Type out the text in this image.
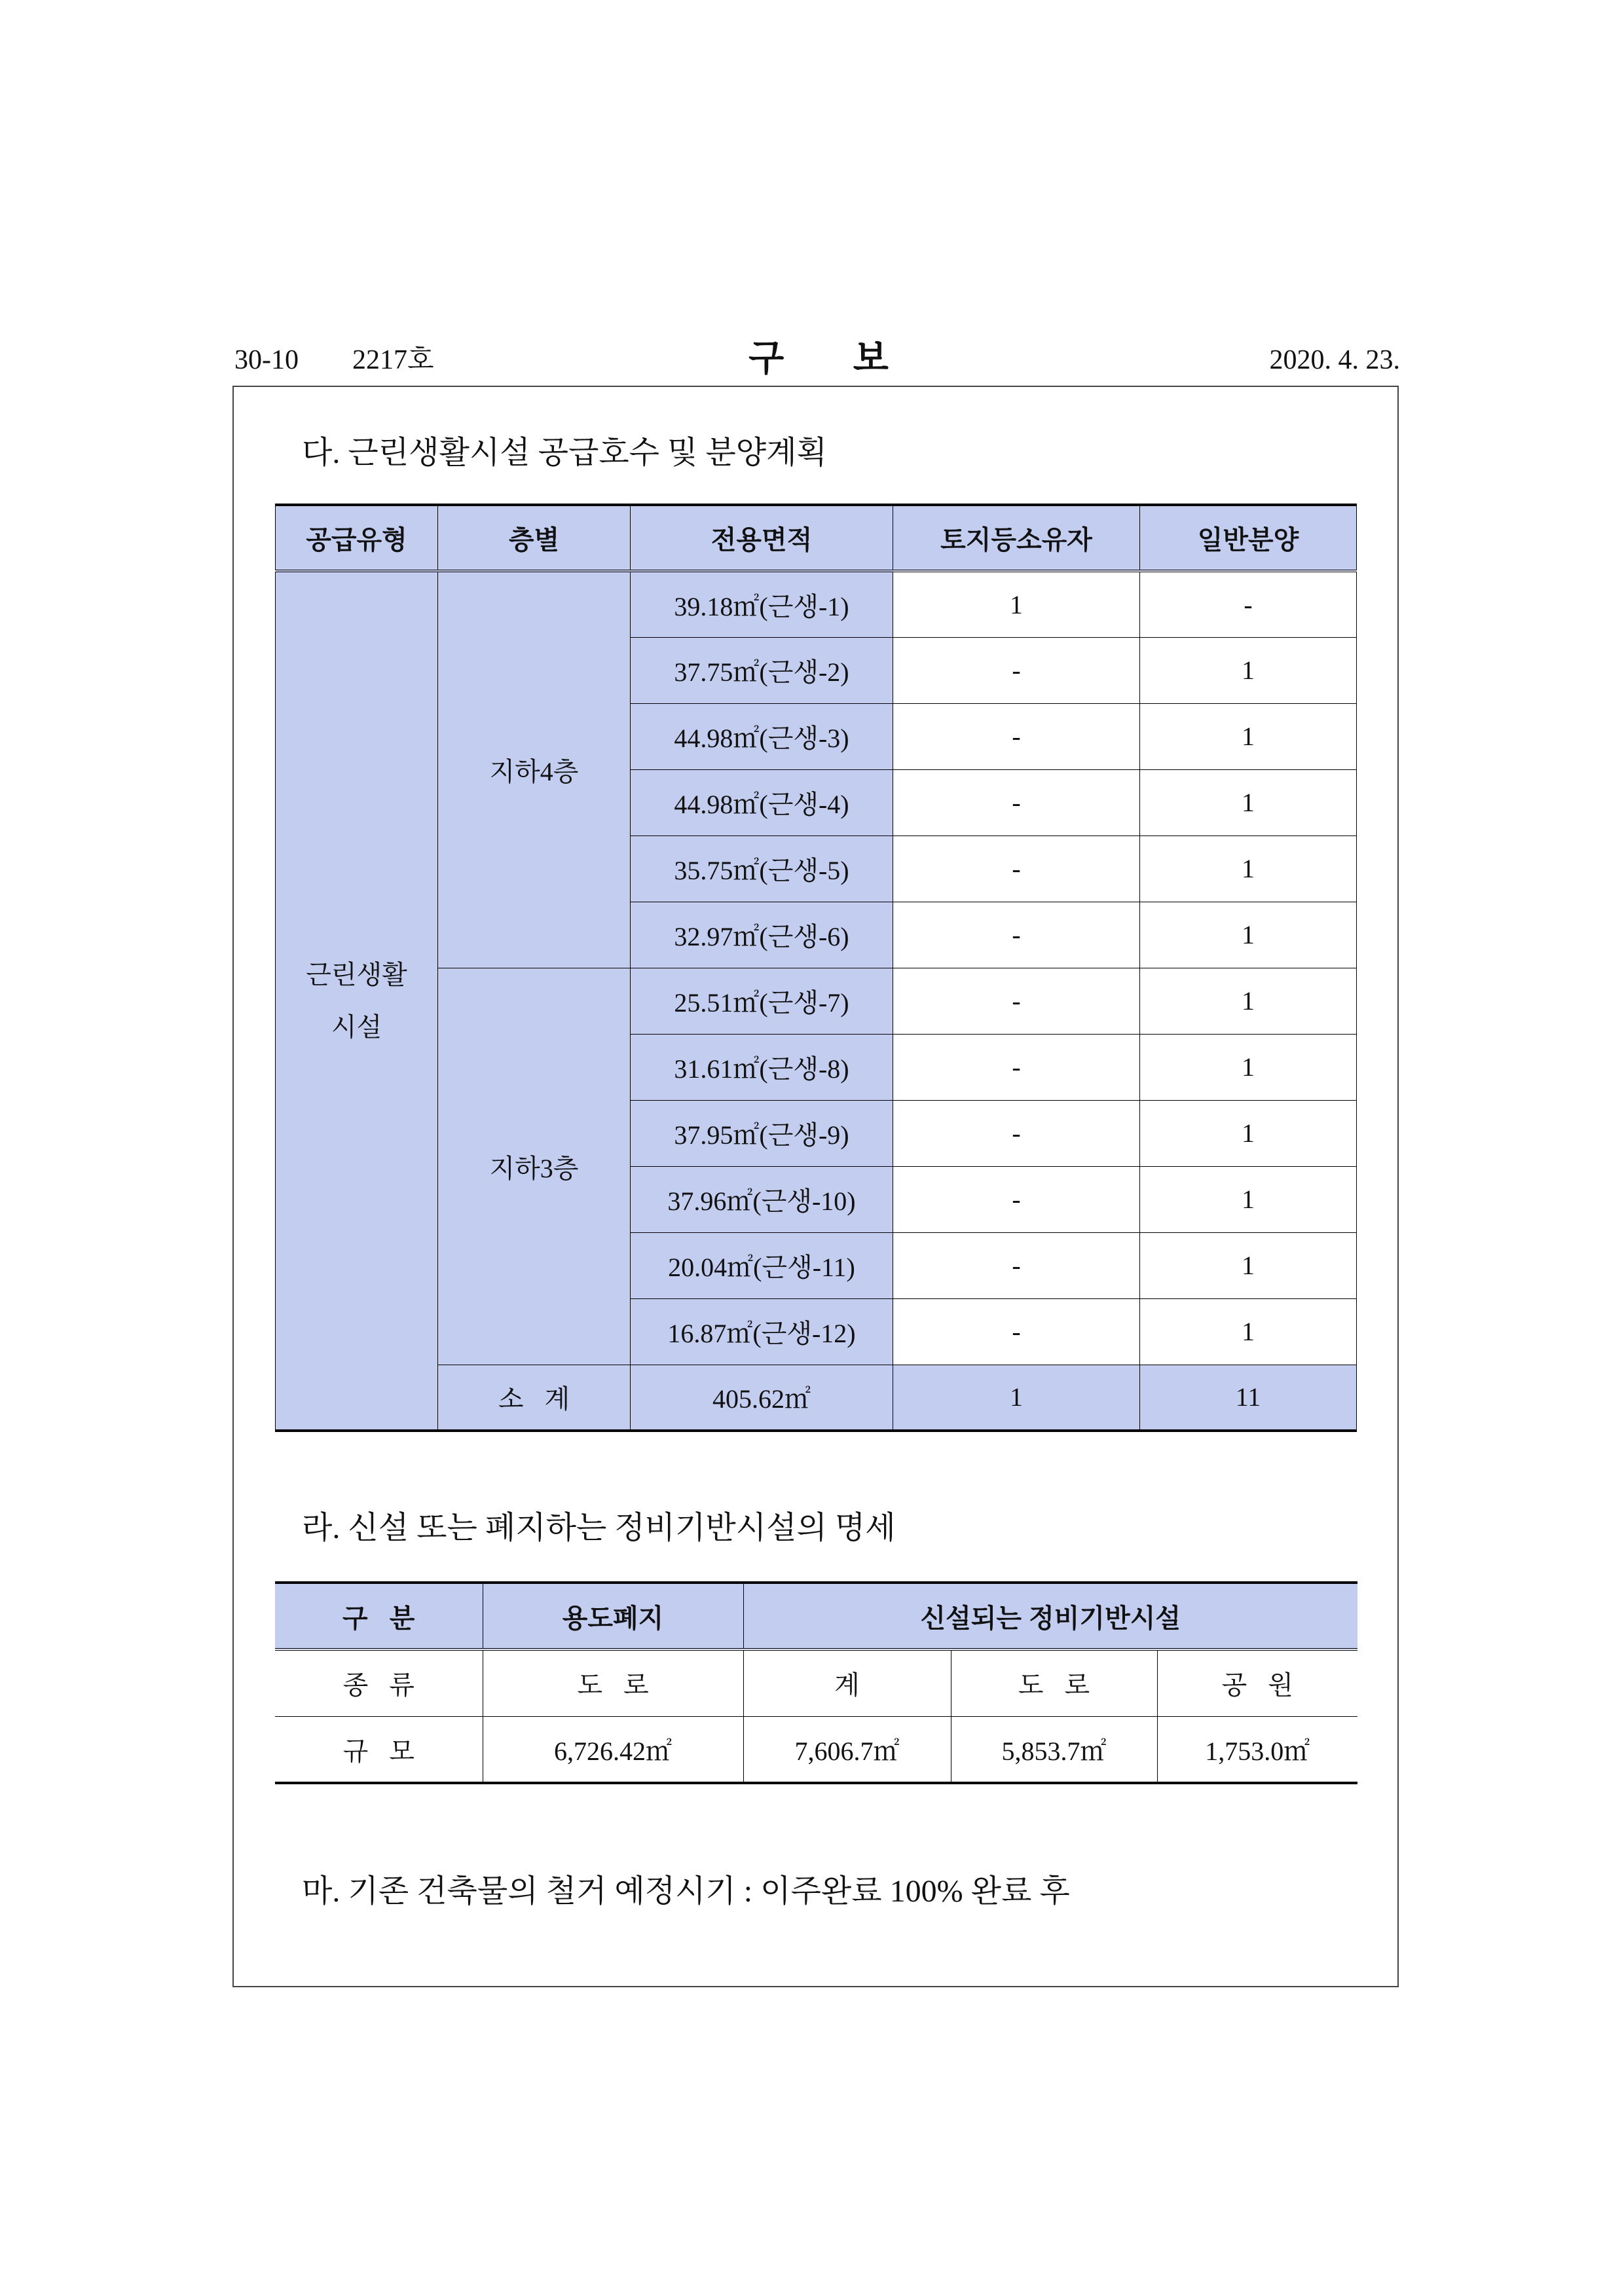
30-10 2217호	구 보	2020. 4. 23.
다. 근린생활시설 공급호수 및 분양계획
공급유형	층별	전용면적	토지등소유자	일반분양
근린생활
시설	지하4층	39.18㎡(근생-1)	1	-
		37.75㎡(근생-2)	-	1
		44.98㎡(근생-3)	-	1
		44.98㎡(근생-4)	-	1
		35.75㎡(근생-5)	-	1
		32.97㎡(근생-6)	-	1
	지하3층	25.51㎡(근생-7)	-	1
		31.61㎡(근생-8)	-	1
		37.95㎡(근생-9)	-	1
		37.96㎡(근생-10)	-	1
		20.04㎡(근생-11)	-	1
		16.87㎡(근생-12)	-	1
	소 계	405.62㎡	1	11
라. 신설 또는 폐지하는 정비기반시설의 명세
구 분	용도폐지	신설되는 정비기반시설		
종 류	도 로	계	도 로	공 원
규 모	6,726.42㎡	7,606.7㎡	5,853.7㎡	1,753.0㎡
마. 기존 건축물의 철거 예정시기 : 이주완료 100% 완료 후
